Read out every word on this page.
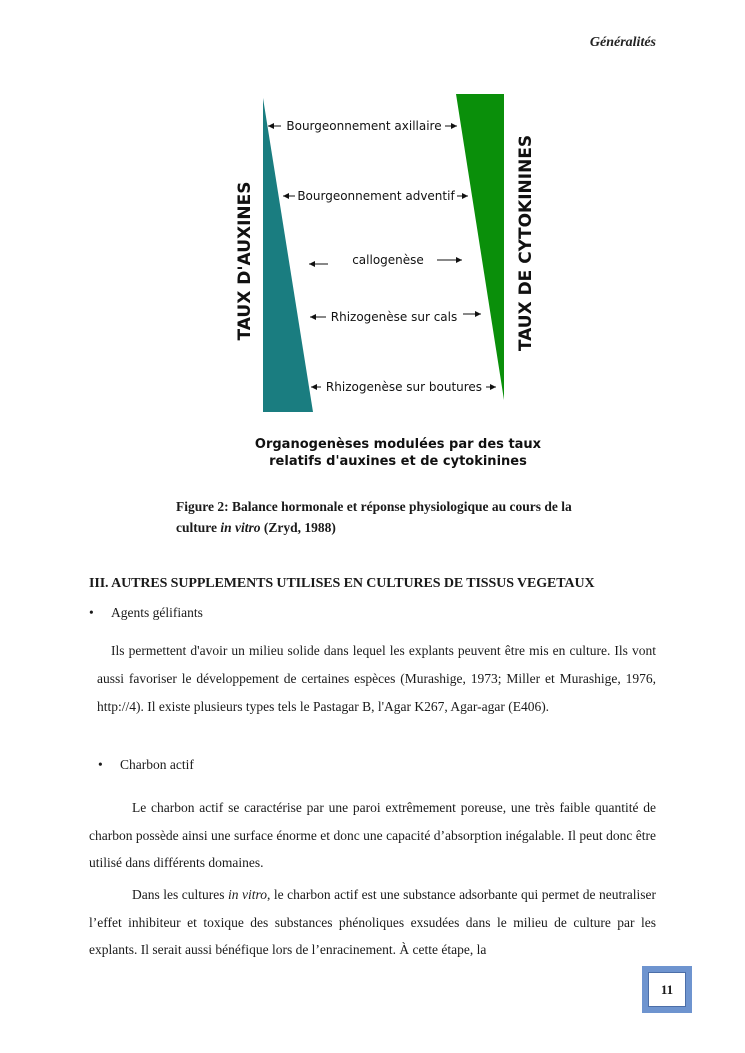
Généralités
TAUX D'AUXINES	TAUX DE CYTOKININES
Bourgeonnement axillaire
Bourgeonnement adventif
callogenèse
Rhizogenèse sur cals
Rhizogenèse sur boutures
Organogenèses modulées par des taux
relatifs d'auxines et de cytokinines
Figure 2: Balance hormonale et réponse physiologique au cours de la
culture in vitro (Zryd, 1988)
III. AUTRES SUPPLEMENTS UTILISES EN CULTURES DE TISSUS VEGETAUX
• Agents gélifiants

Ils permettent d'avoir un milieu solide dans lequel les explants peuvent être mis en culture. Ils vont aussi favoriser le développement de certaines espèces (Murashige, 1973; Miller et Murashige, 1976, http://4). Il existe plusieurs types tels le Pastagar B, l'Agar K267, Agar-agar (E406).

• Charbon actif

Le charbon actif se caractérise par une paroi extrêmement poreuse, une très faible quantité de charbon possède ainsi une surface énorme et donc une capacité d’absorption inégalable. Il peut donc être utilisé dans différents domaines.

Dans les cultures in vitro, le charbon actif est une substance adsorbante qui permet de neutraliser l’effet inhibiteur et toxique des substances phénoliques exsudées dans le milieu de culture par les explants. Il serait aussi bénéfique lors de l’enracinement. À cette étape, la

11
